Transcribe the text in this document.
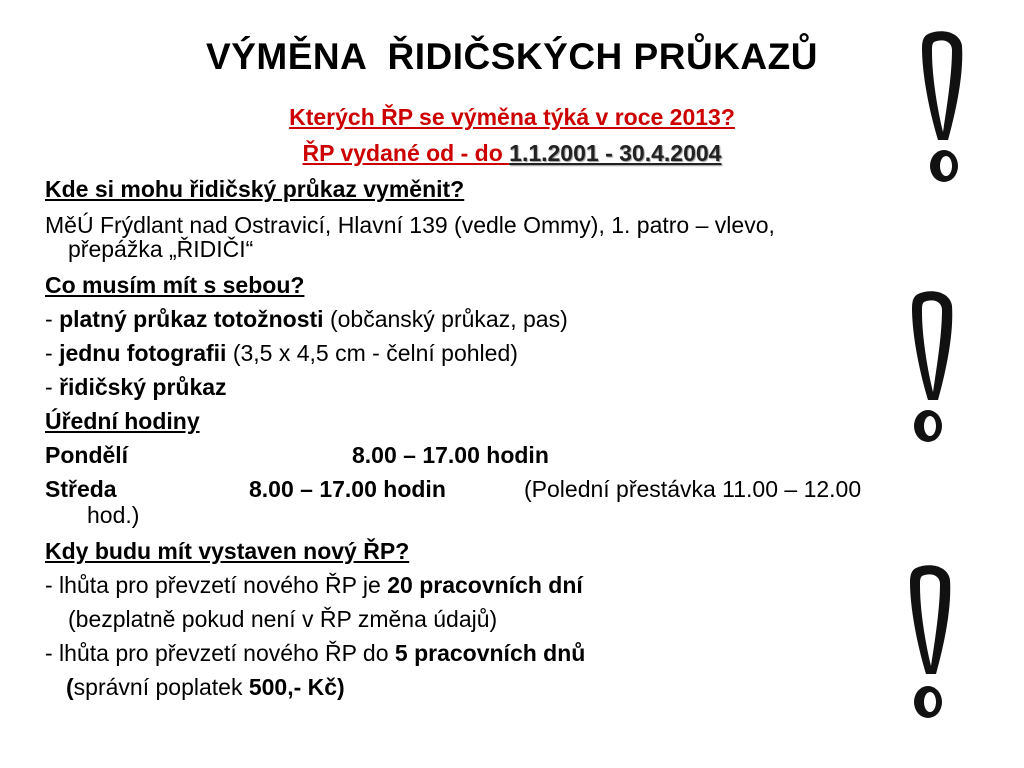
VÝMĚNA  ŘIDIČSKÝCH PRŮKAZŮ
Kterých ŘP se výměna týká v roce 2013?
ŘP vydané od - do 1.1.2001 - 30.4.2004
Kde si mohu řidičský průkaz vyměnit?
MěÚ Frýdlant nad Ostravicí, Hlavní 139 (vedle Ommy), 1. patro – vlevo,
přepážka „ŘIDIČI“
Co musím mít s sebou?
- platný průkaz totožnosti (občanský průkaz, pas)
- jednu fotografii (3,5 x 4,5 cm - čelní pohled)
- řidičský průkaz
Úřední hodiny
Pondělí	8.00 – 17.00 hodin
Středa	8.00 – 17.00 hodin	(Polední přestávka 11.00 – 12.00
hod.)
Kdy budu mít vystaven nový ŘP?
- lhůta pro převzetí nového ŘP je 20 pracovních dní
(bezplatně pokud není v ŘP změna údajů)
- lhůta pro převzetí nového ŘP do 5 pracovních dnů
(správní poplatek 500,- Kč)
